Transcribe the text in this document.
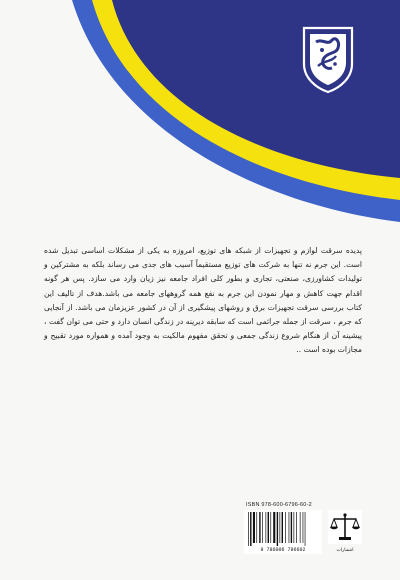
پدیده سرقت لوازم و تجهیزات از شبکه های توزیع، امروزه به یکی از مشکلات اساسی تبدیل شده است. این جرم نه تنها به شرکت های توزیع مستقیماً آسیب های جدی می رساند بلکه به مشترکین و تولیدات کشاورزی، صنعتی، تجاری و بطور کلی افراد جامعه نیز زیان وارد می سازد. پس هر گونه اقدام جهت کاهش و مهار نمودن این جرم به نفع همه گروههای جامعه می باشد.هدف از تالیف این کتاب بررسی سرقت تجهیزات برق و روشهای پیشگیری از آن در کشور عزیزمان می باشد. از آنجایی که جرم ، سرقت از جمله جرائمی است که سابقه دیرینه در زندگی انسان دارد و حتی می توان گفت ، پیشینه آن از هنگام شروع زندگی جمعی و تحقق مفهوم مالکیت به وجود آمده و همواره مورد تقبیح و مجازات بوده است ..
ISBN 978-600-6796-60-2
9 786006 796602	انتشارات
